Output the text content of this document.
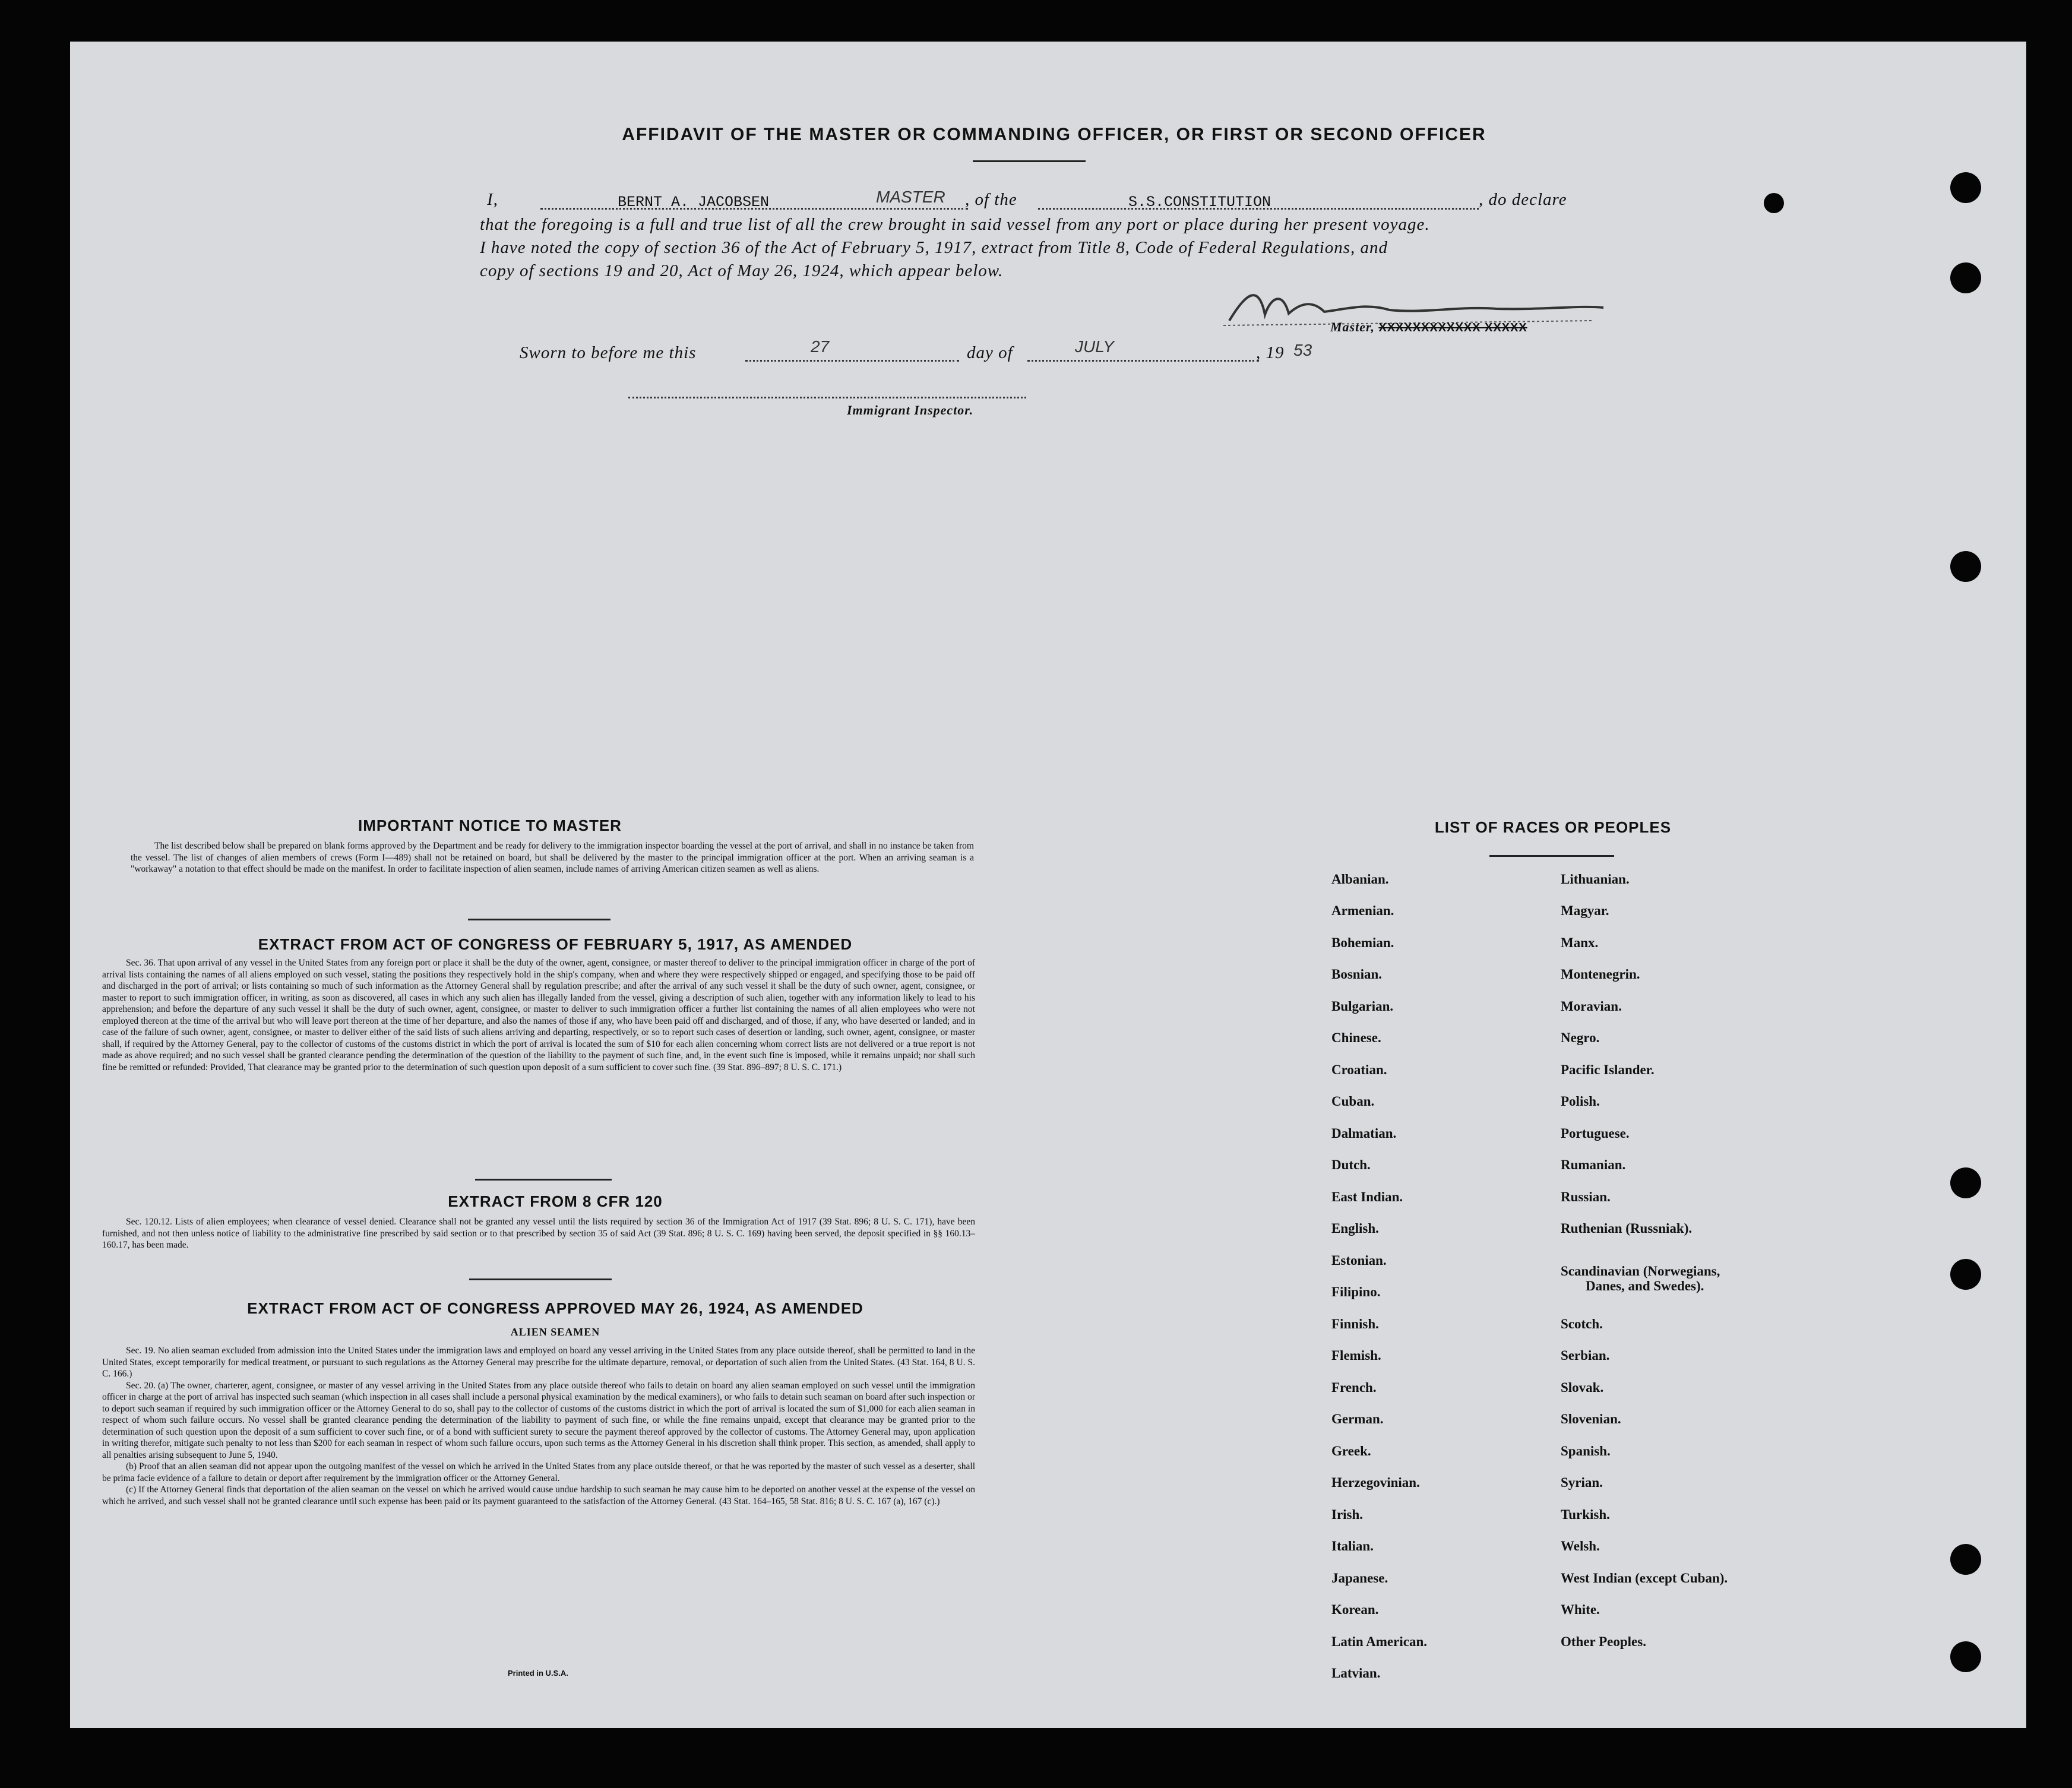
AFFIDAVIT OF THE MASTER OR COMMANDING OFFICER, OR FIRST OR SECOND OFFICER
I,	BERNT A. JACOBSEN	MASTER , of the	S.S.CONSTITUTION	, do declare
that the foregoing is a full and true list of all the crew brought in said vessel from any port or place during her present voyage.
I have noted the copy of section 36 of the Act of February 5, 1917, extract from Title 8, Code of Federal Regulations, and
copy of sections 19 and 20, Act of May 26, 1924, which appear below.
Master, XXXXXXXXXXXX XXXXX
Sworn to before me this	27	day of	JULY	, 19 53
Immigrant Inspector.
IMPORTANT NOTICE TO MASTER

The list described below shall be prepared on blank forms approved by the Department and be ready for delivery to the immigration inspector boarding the vessel at the port of arrival, and shall in no instance be taken from the vessel. The list of changes of alien members of crews (Form I—489) shall not be retained on board, but shall be delivered by the master to the principal immigration officer at the port. When an arriving seaman is a "workaway" a notation to that effect should be made on the manifest. In order to facilitate inspection of alien seamen, include names of arriving American citizen seamen as well as aliens.

EXTRACT FROM ACT OF CONGRESS OF FEBRUARY 5, 1917, AS AMENDED

Sec. 36. That upon arrival of any vessel in the United States from any foreign port or place it shall be the duty of the owner, agent, consignee, or master thereof to deliver to the principal immigration officer in charge of the port of arrival lists containing the names of all aliens employed on such vessel, stating the positions they respectively hold in the ship's company, when and where they were respectively shipped or engaged, and specifying those to be paid off and discharged in the port of arrival; or lists containing so much of such information as the Attorney General shall by regulation prescribe; and after the arrival of any such vessel it shall be the duty of such owner, agent, consignee, or master to report to such immigration officer, in writing, as soon as discovered, all cases in which any such alien has illegally landed from the vessel, giving a description of such alien, together with any information likely to lead to his apprehension; and before the departure of any such vessel it shall be the duty of such owner, agent, consignee, or master to deliver to such immigration officer a further list containing the names of all alien employees who were not employed thereon at the time of the arrival but who will leave port thereon at the time of her departure, and also the names of those if any, who have been paid off and discharged, and of those, if any, who have deserted or landed; and in case of the failure of such owner, agent, consignee, or master to deliver either of the said lists of such aliens arriving and departing, respectively, or so to report such cases of desertion or landing, such owner, agent, consignee, or master shall, if required by the Attorney General, pay to the collector of customs of the customs district in which the port of arrival is located the sum of $10 for each alien concerning whom correct lists are not delivered or a true report is not made as above required; and no such vessel shall be granted clearance pending the determination of the question of the liability to the payment of such fine, and, in the event such fine is imposed, while it remains unpaid; nor shall such fine be remitted or refunded: Provided, That clearance may be granted prior to the determination of such question upon deposit of a sum sufficient to cover such fine. (39 Stat. 896–897; 8 U. S. C. 171.)

EXTRACT FROM 8 CFR 120

Sec. 120.12. Lists of alien employees; when clearance of vessel denied. Clearance shall not be granted any vessel until the lists required by section 36 of the Immigration Act of 1917 (39 Stat. 896; 8 U. S. C. 171), have been furnished, and not then unless notice of liability to the administrative fine prescribed by said section or to that prescribed by section 35 of said Act (39 Stat. 896; 8 U. S. C. 169) having been served, the deposit specified in §§ 160.13–160.17, has been made.

EXTRACT FROM ACT OF CONGRESS APPROVED MAY 26, 1924, AS AMENDED
ALIEN SEAMEN

Sec. 19. No alien seaman excluded from admission into the United States under the immigration laws and employed on board any vessel arriving in the United States from any place outside thereof, shall be permitted to land in the United States, except temporarily for medical treatment, or pursuant to such regulations as the Attorney General may prescribe for the ultimate departure, removal, or deportation of such alien from the United States. (43 Stat. 164, 8 U. S. C. 166.)

Sec. 20. (a) The owner, charterer, agent, consignee, or master of any vessel arriving in the United States from any place outside thereof who fails to detain on board any alien seaman employed on such vessel until the immigration officer in charge at the port of arrival has inspected such seaman (which inspection in all cases shall include a personal physical examination by the medical examiners), or who fails to detain such seaman on board after such inspection or to deport such seaman if required by such immigration officer or the Attorney General to do so, shall pay to the collector of customs of the customs district in which the port of arrival is located the sum of $1,000 for each alien seaman in respect of whom such failure occurs. No vessel shall be granted clearance pending the determination of the liability to payment of such fine, or while the fine remains unpaid, except that clearance may be granted prior to the determination of such question upon the deposit of a sum sufficient to cover such fine, or of a bond with sufficient surety to secure the payment thereof approved by the collector of customs. The Attorney General may, upon application in writing therefor, mitigate such penalty to not less than $200 for each seaman in respect of whom such failure occurs, upon such terms as the Attorney General in his discretion shall think proper. This section, as amended, shall apply to all penalties arising subsequent to June 5, 1940.

(b) Proof that an alien seaman did not appear upon the outgoing manifest of the vessel on which he arrived in the United States from any place outside thereof, or that he was reported by the master of such vessel as a deserter, shall be prima facie evidence of a failure to detain or deport after requirement by the immigration officer or the Attorney General.

(c) If the Attorney General finds that deportation of the alien seaman on the vessel on which he arrived would cause undue hardship to such seaman he may cause him to be deported on another vessel at the expense of the vessel on which he arrived, and such vessel shall not be granted clearance until such expense has been paid or its payment guaranteed to the satisfaction of the Attorney General. (43 Stat. 164–165, 58 Stat. 816; 8 U. S. C. 167 (a), 167 (c).)

Printed in U.S.A.
LIST OF RACES OR PEOPLES
Albanian.
Armenian.
Bohemian.
Bosnian.
Bulgarian.
Chinese.
Croatian.
Cuban.
Dalmatian.
Dutch.
East Indian.
English.
Estonian.
Filipino.
Finnish.
Flemish.
French.
German.
Greek.
Herzegovinian.
Irish.
Italian.
Japanese.
Korean.
Latin American.
Latvian.
Lithuanian.
Magyar.
Manx.
Montenegrin.
Moravian.
Negro.
Pacific Islander.
Polish.
Portuguese.
Rumanian.
Russian.
Ruthenian (Russniak).
Scandinavian (Norwegians,
Danes, and Swedes).
Scotch.
Serbian.
Slovak.
Slovenian.
Spanish.
Syrian.
Turkish.
Welsh.
West Indian (except Cuban).
White.
Other Peoples.
